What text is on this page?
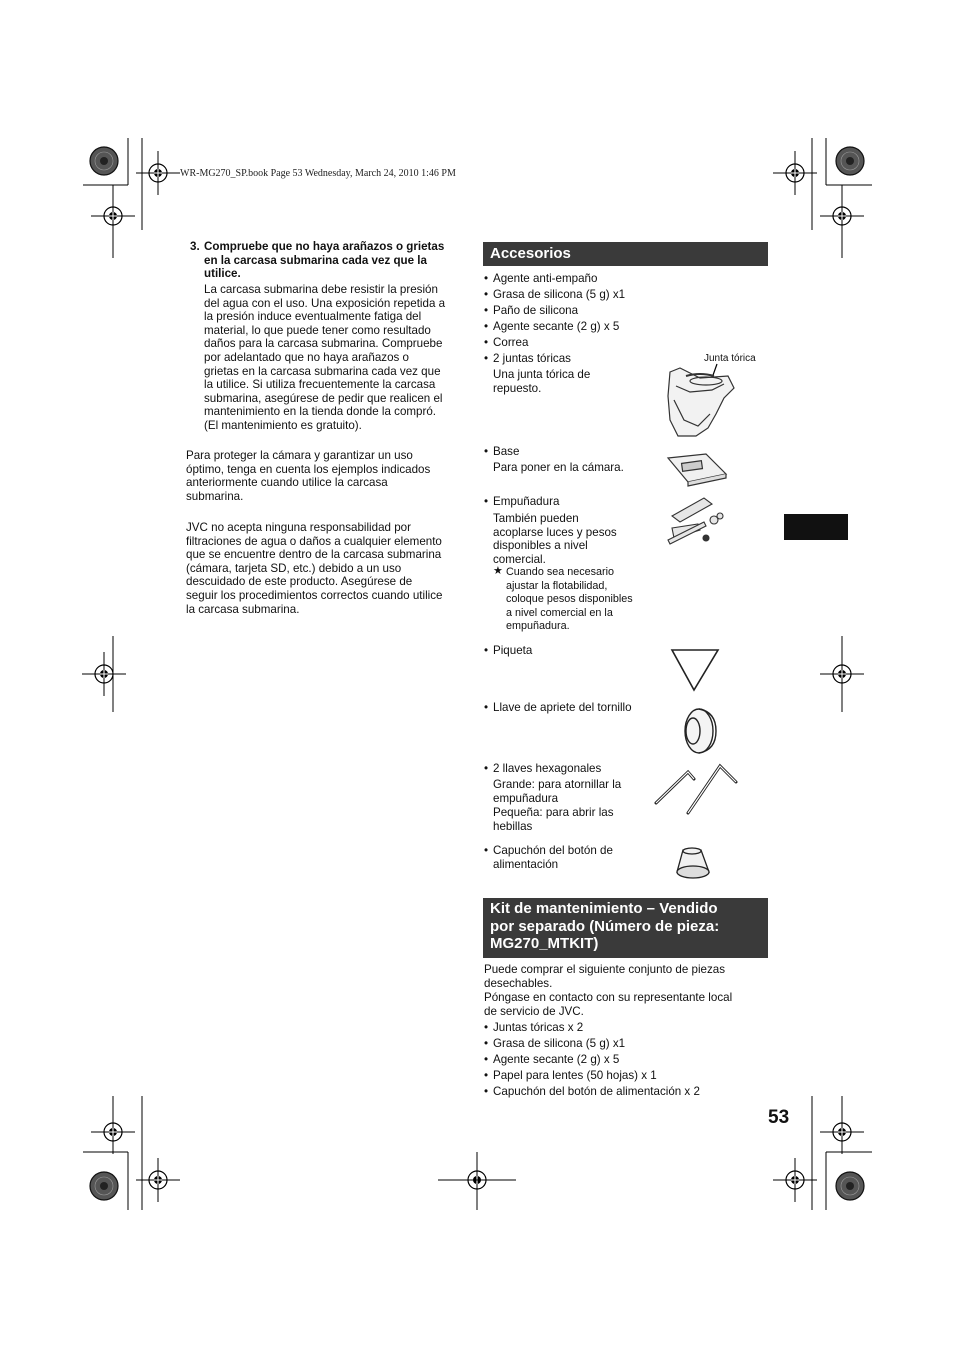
WR-MG270_SP.book Page 53 Wednesday, March 24, 2010 1:46 PM
3. Compruebe que no haya arañazos o grietas
en la carcasa submarina cada vez que la
utilice.
La carcasa submarina debe resistir la presión
del agua con el uso. Una exposición repetida a
la presión induce eventualmente fatiga del
material, lo que puede tener como resultado
daños para la carcasa submarina. Compruebe
por adelantado que no haya arañazos o
grietas en la carcasa submarina cada vez que
la utilice. Si utiliza frecuentemente la carcasa
submarina, asegúrese de pedir que realicen el
mantenimiento en la tienda donde la compró.
(El mantenimiento es gratuito).
Para proteger la cámara y garantizar un uso
óptimo, tenga en cuenta los ejemplos indicados
anteriormente cuando utilice la carcasa
submarina.
JVC no acepta ninguna responsabilidad por
filtraciones de agua o daños a cualquier elemento
que se encuentre dentro de la carcasa submarina
(cámara, tarjeta SD, etc.) debido a un uso
descuidado de este producto. Asegúrese de
seguir los procedimientos correctos cuando utilice
la carcasa submarina.
Accesorios
• Agente anti-empaño
• Grasa de silicona (5 g) x1
• Paño de silicona
• Agente secante (2 g) x 5
• Correa
• 2 juntas tóricas
Una junta tórica de
repuesto.
Junta tórica
• Base
Para poner en la cámara.
• Empuñadura
También pueden
acoplarse luces y pesos
disponibles a nivel
comercial.
★ Cuando sea necesario
ajustar la flotabilidad,
coloque pesos disponibles
a nivel comercial en la
empuñadura.
• Piqueta
• Llave de apriete del tornillo
• 2 llaves hexagonales
Grande: para atornillar la
empuñadura
Pequeña: para abrir las
hebillas
• Capuchón del botón de
alimentación
Kit de mantenimiento – Vendido
por separado (Número de pieza:
MG270_MTKIT)
Puede comprar el siguiente conjunto de piezas
desechables.
Póngase en contacto con su representante local
de servicio de JVC.
• Juntas tóricas x 2
• Grasa de silicona (5 g) x1
• Agente secante (2 g) x 5
• Papel para lentes (50 hojas) x 1
• Capuchón del botón de alimentación x 2
53
